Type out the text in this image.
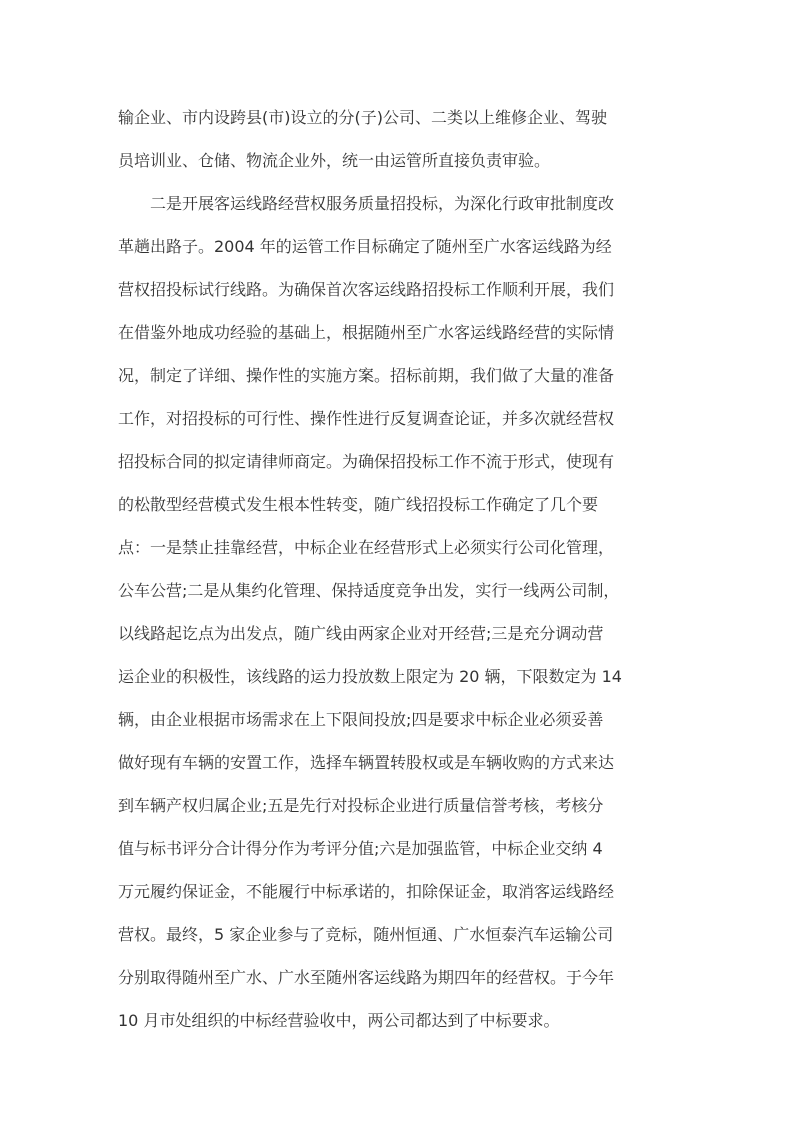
输企业、市内设跨县(市)设立的分(子)公司、二类以上维修企业、驾驶
员培训业、仓储、物流企业外，统一由运管所直接负责审验。
二是开展客运线路经营权服务质量招投标，为深化行政审批制度改
革趟出路子。2004 年的运管工作目标确定了随州至广水客运线路为经
营权招投标试行线路。为确保首次客运线路招投标工作顺利开展，我们
在借鉴外地成功经验的基础上，根据随州至广水客运线路经营的实际情
况，制定了详细、操作性的实施方案。招标前期，我们做了大量的准备
工作，对招投标的可行性、操作性进行反复调查论证，并多次就经营权
招投标合同的拟定请律师商定。为确保招投标工作不流于形式，使现有
的松散型经营模式发生根本性转变，随广线招投标工作确定了几个要
点：一是禁止挂靠经营，中标企业在经营形式上必须实行公司化管理，
公车公营;二是从集约化管理、保持适度竞争出发，实行一线两公司制，
以线路起讫点为出发点，随广线由两家企业对开经营;三是充分调动营
运企业的积极性，该线路的运力投放数上限定为 20 辆，下限数定为 14
辆，由企业根据市场需求在上下限间投放;四是要求中标企业必须妥善
做好现有车辆的安置工作，选择车辆置转股权或是车辆收购的方式来达
到车辆产权归属企业;五是先行对投标企业进行质量信誉考核，考核分
值与标书评分合计得分作为考评分值;六是加强监管，中标企业交纳 4
万元履约保证金，不能履行中标承诺的，扣除保证金，取消客运线路经
营权。最终，5 家企业参与了竞标，随州恒通、广水恒泰汽车运输公司
分别取得随州至广水、广水至随州客运线路为期四年的经营权。于今年
10 月市处组织的中标经营验收中，两公司都达到了中标要求。
